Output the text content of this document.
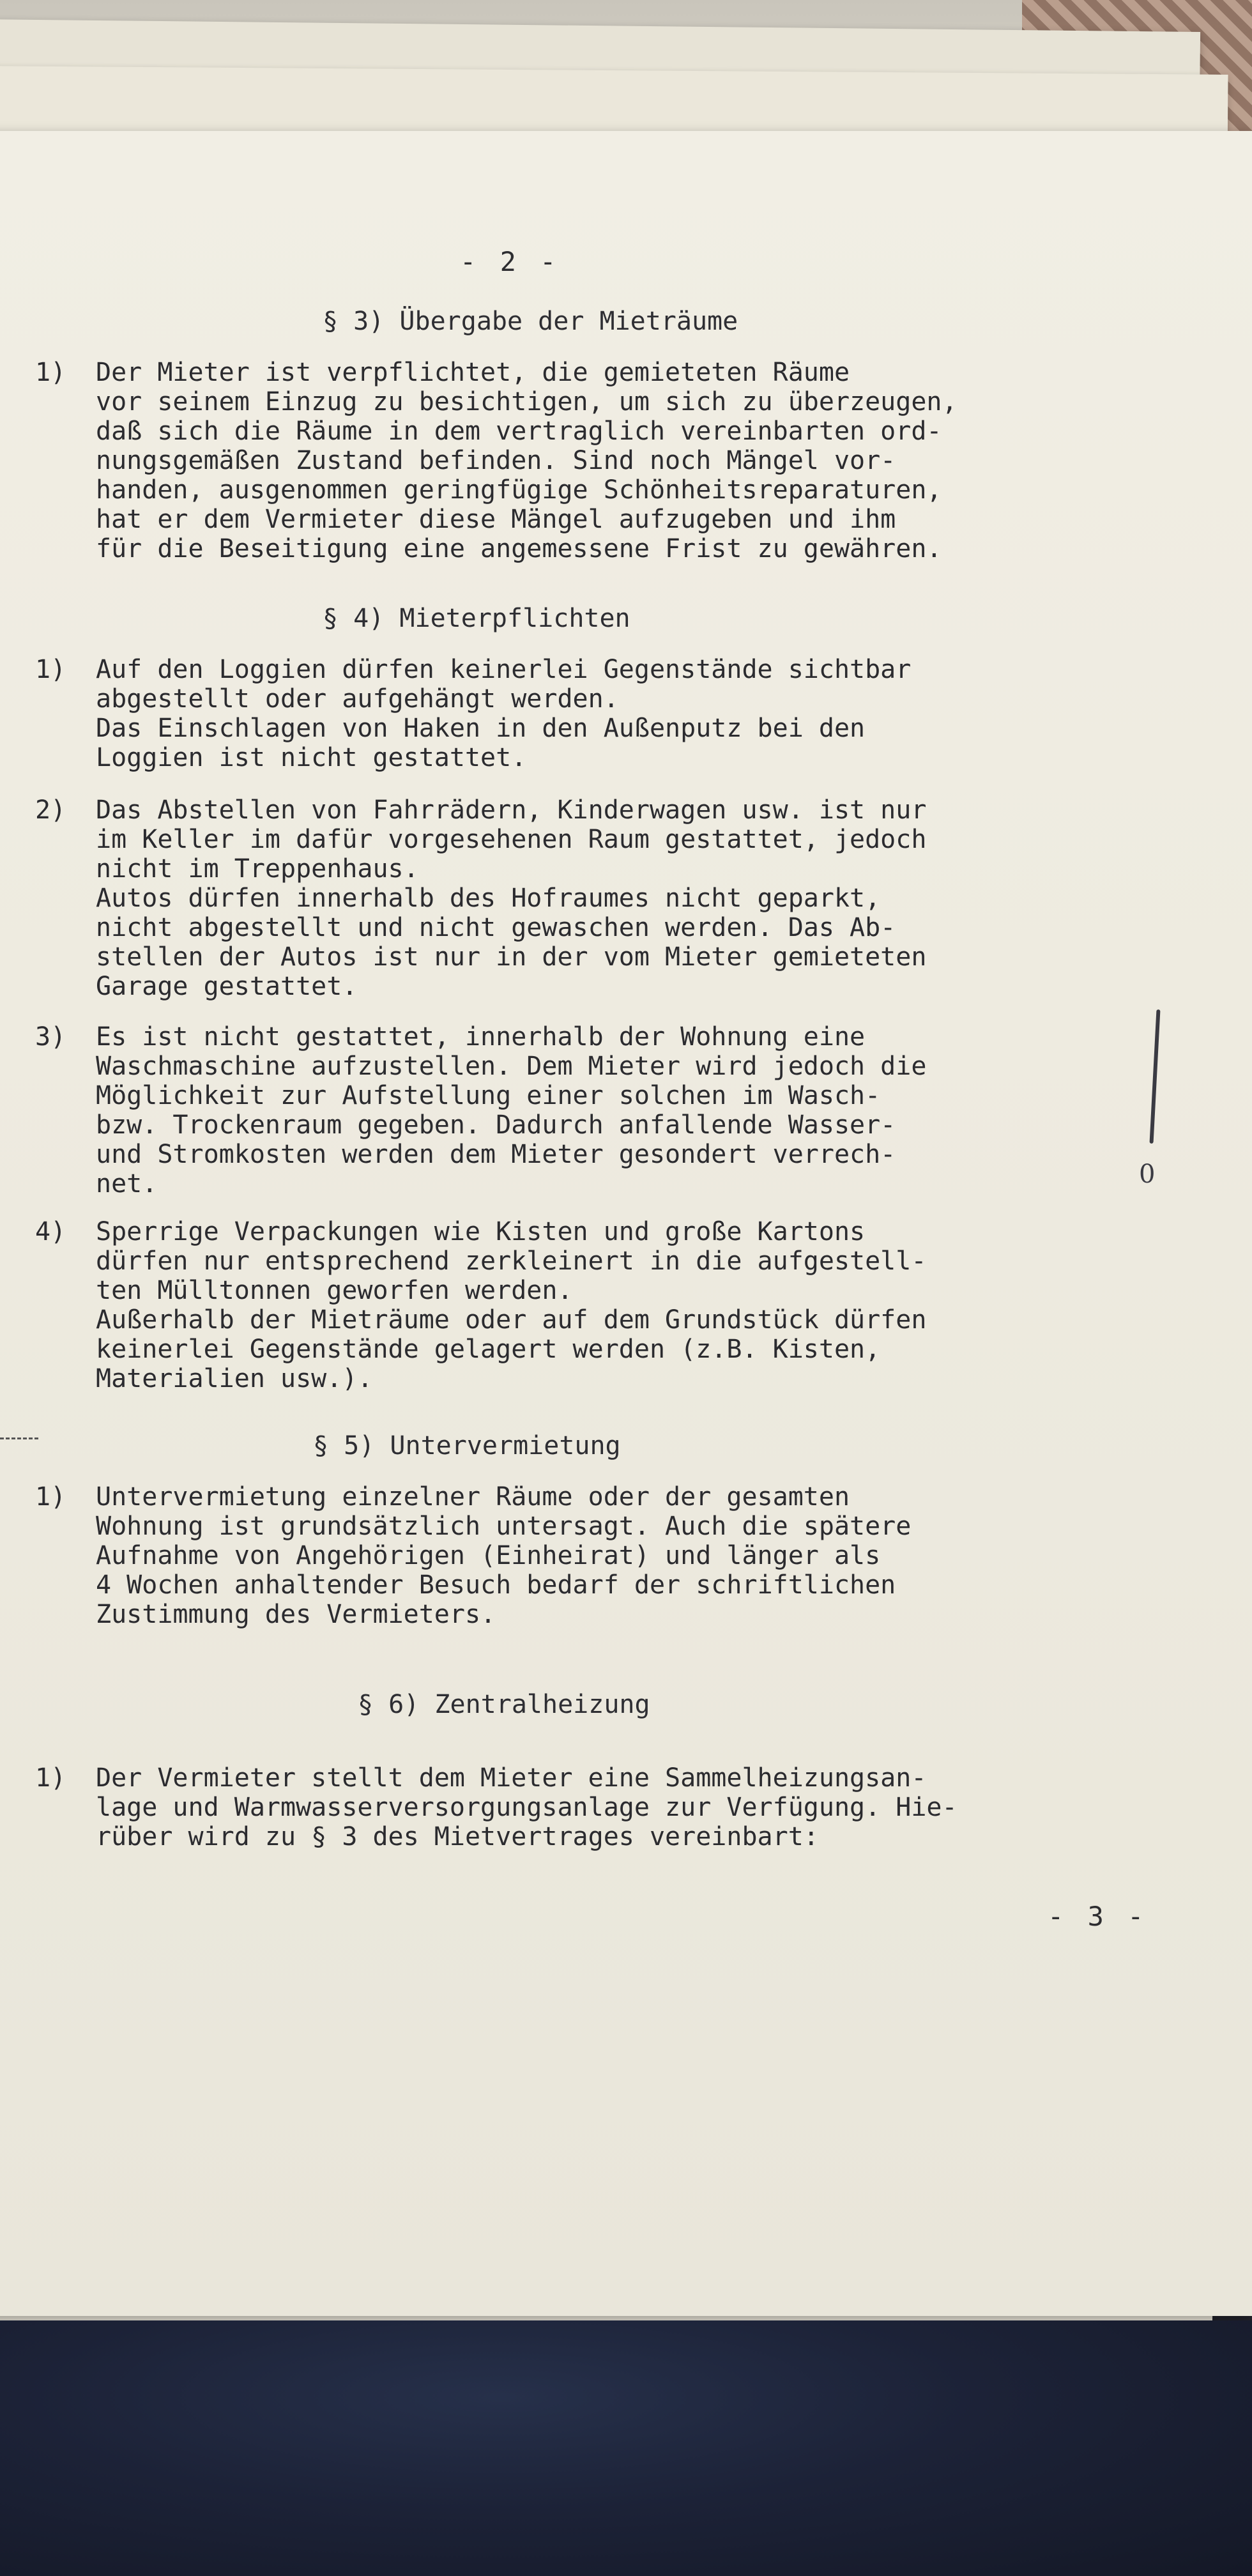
- 2 -
§ 3) Übergabe der Mieträume
1) Der Mieter ist verpflichtet, die gemieteten Räume
vor seinem Einzug zu besichtigen, um sich zu überzeugen,
daß sich die Räume in dem vertraglich vereinbarten ord-
nungsgemäßen Zustand befinden. Sind noch Mängel vor-
handen, ausgenommen geringfügige Schönheitsreparaturen,
hat er dem Vermieter diese Mängel aufzugeben und ihm
für die Beseitigung eine angemessene Frist zu gewähren.
§ 4) Mieterpflichten
1) Auf den Loggien dürfen keinerlei Gegenstände sichtbar
abgestellt oder aufgehängt werden.
Das Einschlagen von Haken in den Außenputz bei den
Loggien ist nicht gestattet.
2) Das Abstellen von Fahrrädern, Kinderwagen usw. ist nur
im Keller im dafür vorgesehenen Raum gestattet, jedoch
nicht im Treppenhaus.
Autos dürfen innerhalb des Hofraumes nicht geparkt,
nicht abgestellt und nicht gewaschen werden. Das Ab-
stellen der Autos ist nur in der vom Mieter gemieteten
Garage gestattet.
3) Es ist nicht gestattet, innerhalb der Wohnung eine
Waschmaschine aufzustellen. Dem Mieter wird jedoch die
Möglichkeit zur Aufstellung einer solchen im Wasch-
bzw. Trockenraum gegeben. Dadurch anfallende Wasser-
und Stromkosten werden dem Mieter gesondert verrech-
net.
4) Sperrige Verpackungen wie Kisten und große Kartons
dürfen nur entsprechend zerkleinert in die aufgestell-
ten Mülltonnen geworfen werden.
Außerhalb der Mieträume oder auf dem Grundstück dürfen
keinerlei Gegenstände gelagert werden (z.B. Kisten,
Materialien usw.).
0
§ 5) Untervermietung
1) Untervermietung einzelner Räume oder der gesamten
Wohnung ist grundsätzlich untersagt. Auch die spätere
Aufnahme von Angehörigen (Einheirat) und länger als
4 Wochen anhaltender Besuch bedarf der schriftlichen
Zustimmung des Vermieters.
§ 6) Zentralheizung
1) Der Vermieter stellt dem Mieter eine Sammelheizungsan-
lage und Warmwasserversorgungsanlage zur Verfügung. Hie-
rüber wird zu § 3 des Mietvertrages vereinbart:
- 3 -
